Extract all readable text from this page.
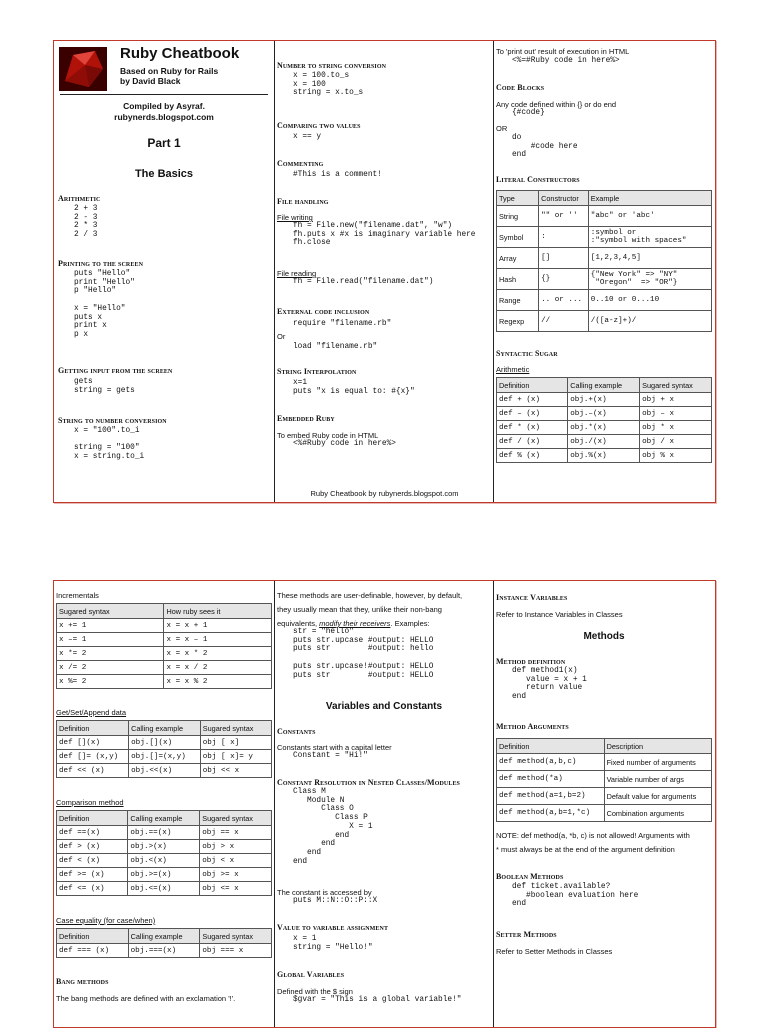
Ruby Cheatbook
Based on Ruby for Rails
by David Black
Compiled by Asyraf.
rubynerds.blogspot.com
Part 1
The Basics
Arithmetic
2 + 3
2 - 3
2 * 3
2 / 3
Printing to the screen
puts "Hello"
print "Hello"
p "Hello"

x = "Hello"
puts x
print x
p x
Getting input from the screen
gets
string = gets
String to number conversion
x = "100".to_i

string = "100"
x = string.to_i
Number to string conversion
x = 100.to_s
x = 100
string = x.to_s
Comparing two values
x == y
Commenting
#This is a comment!
File handling
File writing
fh = File.new("filename.dat", "w")
fh.puts x #x is imaginary variable here
fh.close
File reading
fh = File.read("filename.dat")
External code inclusion
require "filename.rb"
Or
load "filename.rb"
String Interpolation
x=1
puts "x is equal to: #{x}"
Embedded Ruby
To embed Ruby code in HTML
<%#Ruby code in here%>
To 'print out' result of execution in HTML
<%=#Ruby code in here%>
Code Blocks
Any code defined within {} or do end
{#code}
OR
do
#code here
end
Literal Constructors
Type	Constructor	Example
String	"" or ''	"abc" or 'abc'
Symbol	:	:symbol or
:"symbol with spaces"
Array	[]	[1,2,3,4,5]
Hash	{}	{"New York" => "NY"
"Oregon"  => "OR"}
Range	.. or ...	0..10 or 0...10
Regexp	//	/([a-z]+)/
Syntactic Sugar
Arithmetic
Definition	Calling example	Sugared syntax
def + (x)	obj.+(x)	obj + x
def – (x)	obj.–(x)	obj – x
def * (x)	obj.*(x)	obj * x
def / (x)	obj./(x)	obj / x
def % (x)	obj.%(x)	obj % x
Ruby Cheatbook by rubynerds.blogspot.com
Incrementals
Sugared syntax	How ruby sees it
x += 1	x = x + 1
x –= 1	x = x – 1
x *= 2	x = x * 2
x /= 2	x = x / 2
x %= 2	x = x % 2
Get/Set/Append data
Definition	Calling example	Sugared syntax
def [](x)	obj.[](x)	obj [ x]
def []= (x,y)	obj.[]=(x,y)	obj [ x]= y
def << (x)	obj.<<(x)	obj << x
Comparison method
Definition	Calling example	Sugared syntax
def ==(x)	obj.==(x)	obj == x
def > (x)	obj.>(x)	obj > x
def < (x)	obj.<(x)	obj < x
def >= (x)	obj.>=(x)	obj >= x
def <= (x)	obj.<=(x)	obj <= x
Case equality (for case/when)
Definition	Calling example	Sugared syntax
def === (x)	obj.===(x)	obj === x
Bang methods
The bang methods are defined with an exclamation '!'.
These methods are user-definable, however, by default,
they usually mean that they, unlike their non-bang
equivalents, modify their receivers. Examples:
str = "hello"
puts str.upcase #output: HELLO
puts str        #output: hello

puts str.upcase!#output: HELLO
puts str        #output: HELLO
Variables and Constants
Constants
Constants start with a capital letter
Constant = "Hi!"
Constant Resolution in Nested Classes/Modules
Class M
Module N
Class O
Class P
X = 1
end
end
end
end
The constant is accessed by
puts M::N::O::P::X
Value to variable assignment
x = 1
string = "Hello!"
Global Variables
Defined with the $ sign
$gvar = "This is a global variable!"
Instance Variables
Refer to Instance Variables in Classes
Methods
Method definition
def method1(x)
value = x + 1
return value
end
Method Arguments
Definition	Description
def method(a,b,c)	Fixed number of arguments
def method(*a)	Variable number of args
def method(a=1,b=2)	Default value for arguments
def method(a,b=1,*c)	Combination arguments
NOTE: def method(a, *b, c) is not allowed! Arguments with
* must always be at the end of the argument definition
Boolean Methods
def ticket.available?
#boolean evaluation here
end
Setter Methods
Refer to Setter Methods in Classes
